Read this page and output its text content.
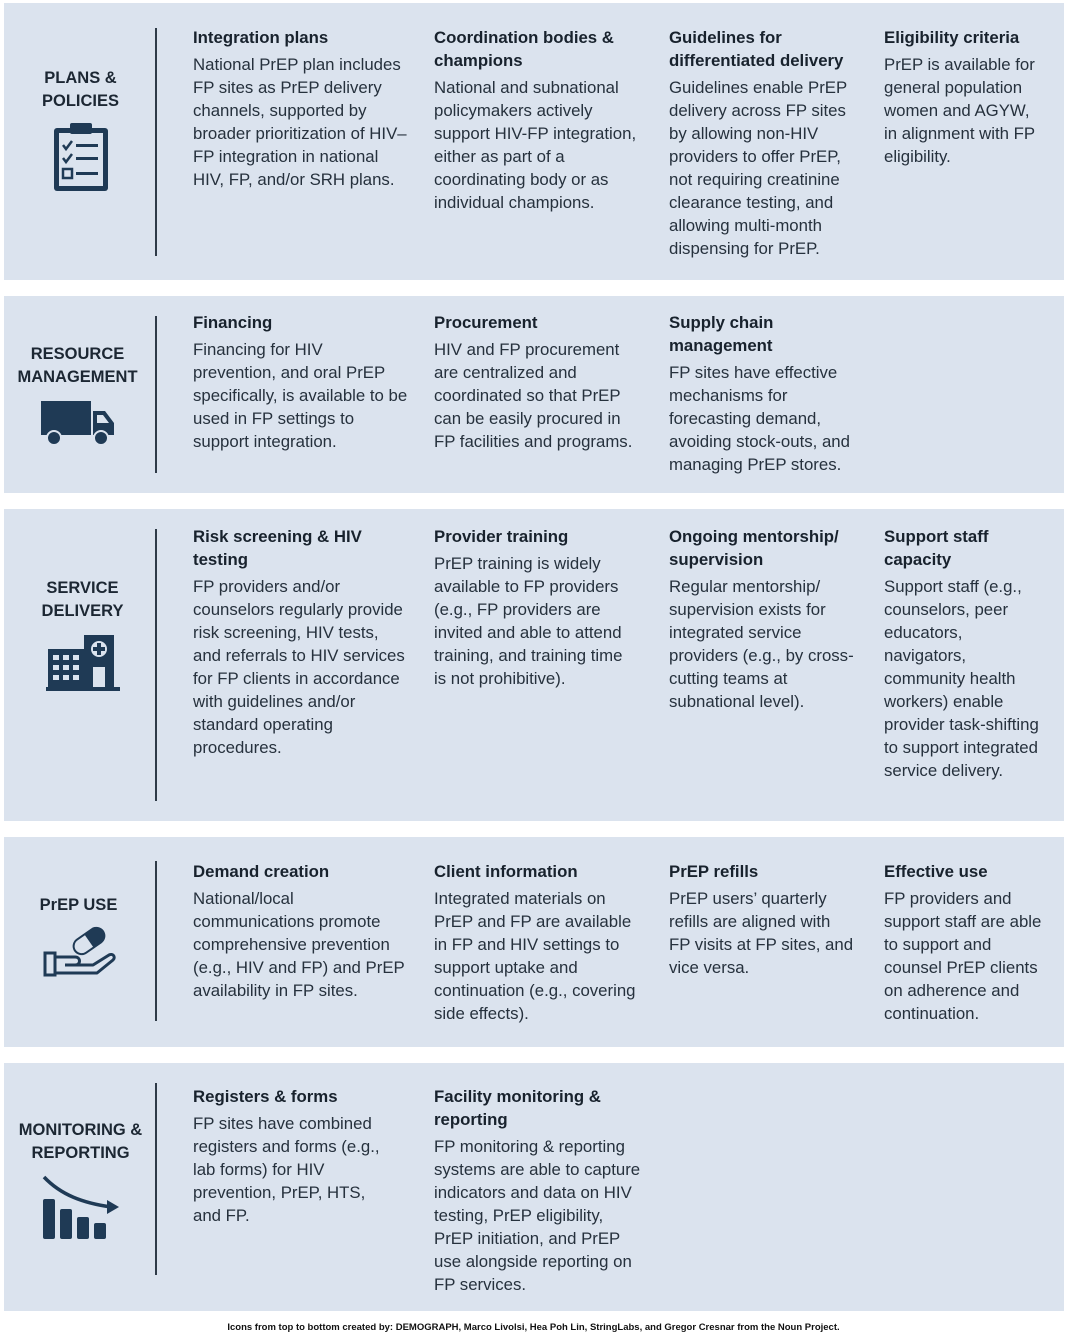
PLANS &
POLICIES
Integration plans
National PrEP plan includes FP sites as PrEP delivery channels, supported by broader prioritization of HIV–FP integration in national HIV, FP, and/or SRH plans.
Coordination bodies & champions
National and subnational policymakers actively support HIV-FP integration, either as part of a coordinating body or as individual champions.
Guidelines for differentiated delivery
Guidelines enable PrEP delivery across FP sites by allowing non-HIV providers to offer PrEP, not requiring creatinine clearance testing, and allowing multi-month dispensing for PrEP.
Eligibility criteria
PrEP is available for general population women and AGYW, in alignment with FP eligibility.
RESOURCE
MANAGEMENT
Financing
Financing for HIV prevention, and oral PrEP specifically, is available to be used in FP settings to support integration.
Procurement
HIV and FP procurement are centralized and coordinated so that PrEP can be easily procured in FP facilities and programs.
Supply chain management
FP sites have effective mechanisms for forecasting demand, avoiding stock-outs, and managing PrEP stores.
SERVICE
DELIVERY
Risk screening & HIV testing
FP providers and/or counselors regularly provide risk screening, HIV tests, and referrals to HIV services for FP clients in accordance with guidelines and/or standard operating procedures.
Provider training
PrEP training is widely available to FP providers (e.g., FP providers are invited and able to attend training, and training time is not prohibitive).
Ongoing mentorship/ supervision
Regular mentorship/ supervision exists for integrated service providers (e.g., by cross-cutting teams at subnational level).
Support staff capacity
Support staff (e.g., counselors, peer educators, navigators, community health workers) enable provider task-shifting to support integrated service delivery.
PrEP USE
Demand creation
National/local communications promote comprehensive prevention (e.g., HIV and FP) and PrEP availability in FP sites.
Client information
Integrated materials on PrEP and FP are available in FP and HIV settings to support uptake and continuation (e.g., covering side effects).
PrEP refills
PrEP users’ quarterly refills are aligned with FP visits at FP sites, and vice versa.
Effective use
FP providers and support staff are able to support and counsel PrEP clients on adherence and continuation.
MONITORING &
REPORTING
Registers & forms
FP sites have combined registers and forms (e.g., lab forms) for HIV prevention, PrEP, HTS, and FP.
Facility monitoring & reporting
FP monitoring & reporting systems are able to capture indicators and data on HIV testing, PrEP eligibility, PrEP initiation, and PrEP use alongside reporting on FP services.
Icons from top to bottom created by: DEMOGRAPH, Marco Livolsi, Hea Poh Lin, StringLabs, and Gregor Cresnar from the Noun Project.
